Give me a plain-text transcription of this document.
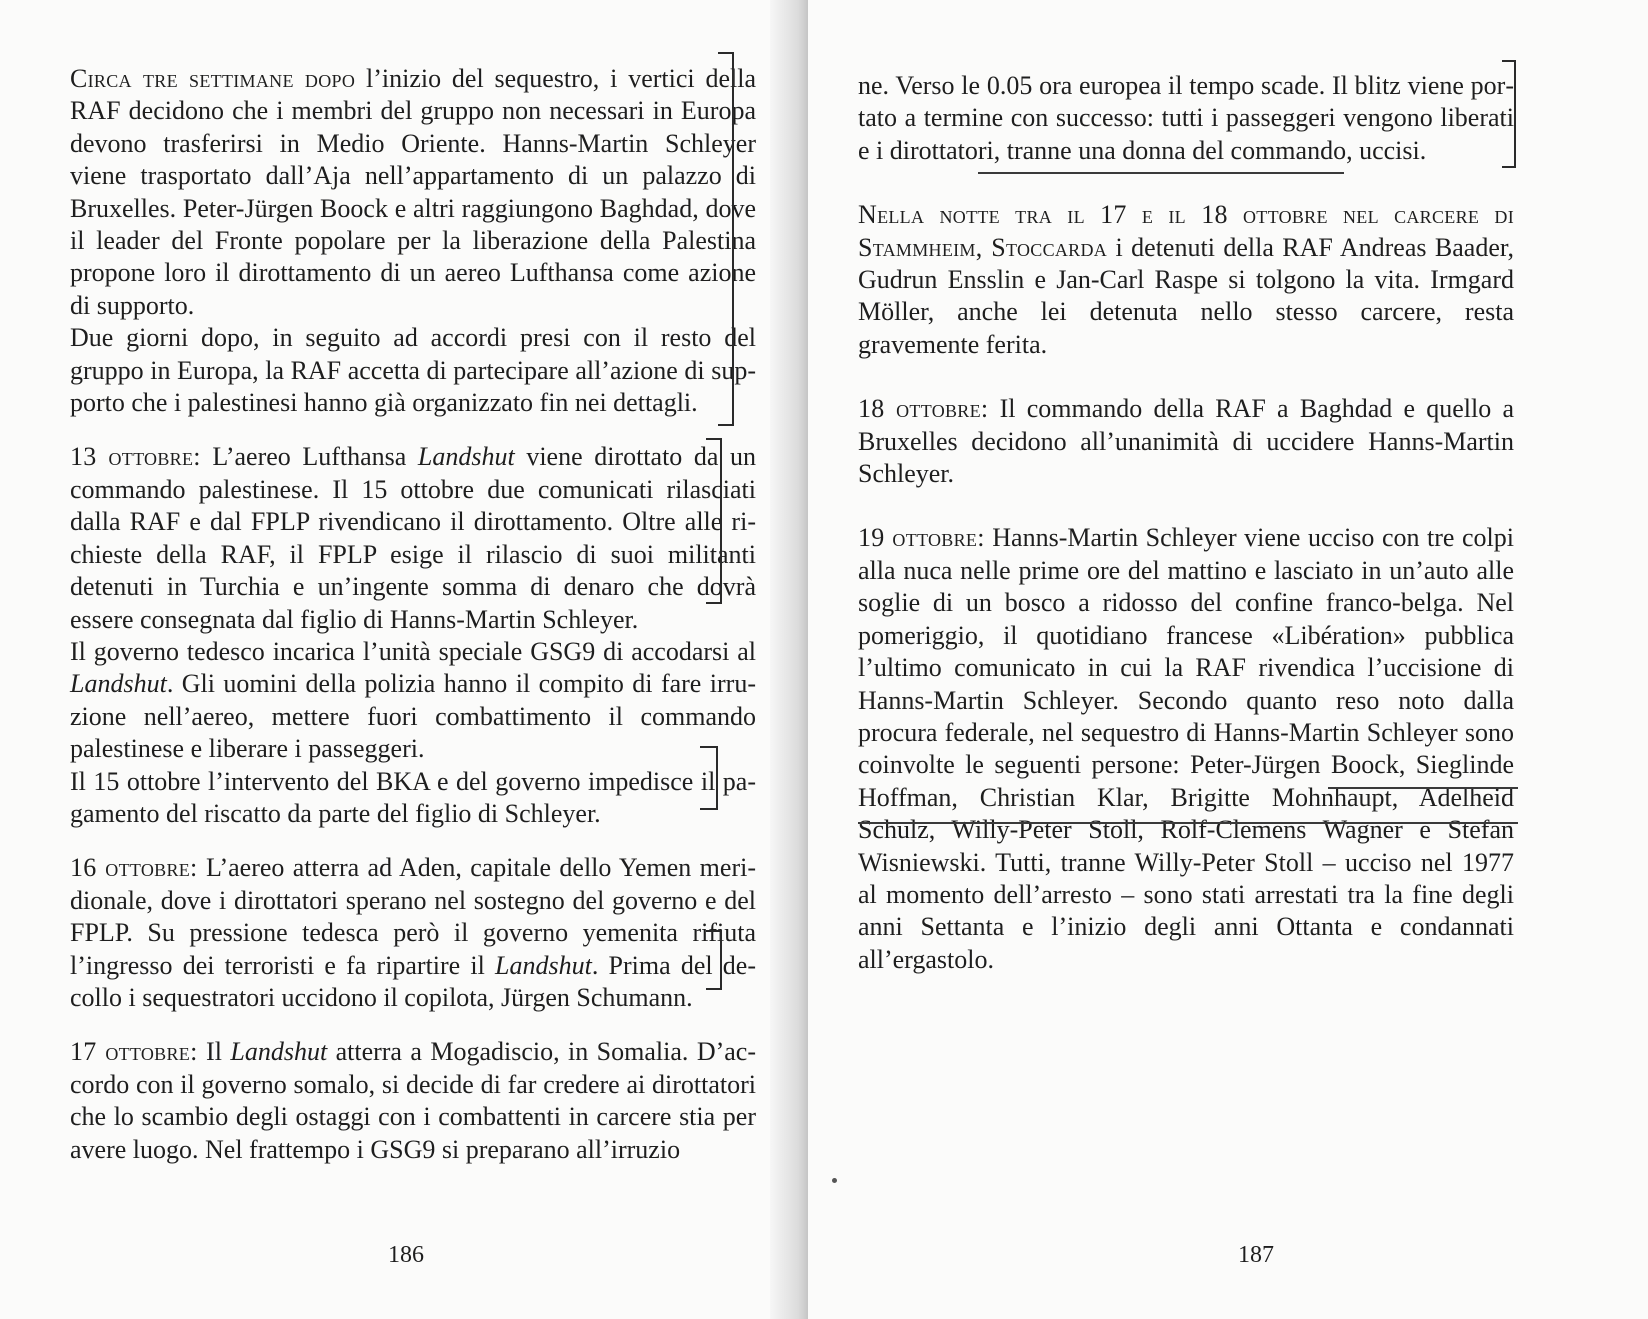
Circa tre settimane dopo l’inizio del sequestro, i vertici della RAF decidono che i membri del gruppo non necessari in Europa devono trasferirsi in Medio Oriente. Hanns-Martin Schleyer viene trasportato dall’Aja nell’appartamento di un palazzo di Bruxelles. Peter-Jürgen Boock e altri raggiungono Baghdad, dove il leader del Fronte popolare per la liberazione della Palestina propone loro il dirottamento di un aereo Lufthansa come azione di supporto.

Due giorni dopo, in seguito ad accordi presi con il resto del gruppo in Europa, la RAF accetta di partecipare all’azione di supporto che i palestinesi hanno già organizzato fin nei dettagli.

13 ottobre: L’aereo Lufthansa Landshut viene dirottato da un commando palestinese. Il 15 ottobre due comunicati rilasciati dalla RAF e dal FPLP rivendicano il dirottamento. Oltre alle richieste della RAF, il FPLP esige il rilascio di suoi militanti detenuti in Turchia e un’ingente somma di denaro che dovrà essere consegnata dal figlio di Hanns-Martin Schleyer.

Il governo tedesco incarica l’unità speciale GSG9 di accodarsi al Landshut. Gli uomini della polizia hanno il compito di fare irruzione nell’aereo, mettere fuori combattimento il commando palestinese e liberare i passeggeri.

Il 15 ottobre l’intervento del BKA e del governo impedisce il pagamento del riscatto da parte del figlio di Schleyer.

16 ottobre: L’aereo atterra ad Aden, capitale dello Yemen meridionale, dove i dirottatori sperano nel sostegno del governo e del FPLP. Su pressione tedesca però il governo yemenita rifiuta l’ingresso dei terroristi e fa ripartire il Landshut. Prima del decollo i sequestratori uccidono il copilota, Jürgen Schumann.

17 ottobre: Il Landshut atterra a Mogadiscio, in Somalia. D’accordo con il governo somalo, si decide di far credere ai dirottatori che lo scambio degli ostaggi con i combattenti in carcere stia per avere luogo. Nel frattempo i GSG9 si preparano all’irruzio

186

ne. Verso le 0.05 ora europea il tempo scade. Il blitz viene portato a termine con successo: tutti i passeggeri vengono liberati e i dirottatori, tranne una donna del commando, uccisi.

Nella notte tra il 17 e il 18 ottobre nel carcere di Stammheim, Stoccarda i detenuti della RAF Andreas Baader, Gudrun Ensslin e Jan-Carl Raspe si tolgono la vita. Irmgard Möller, anche lei detenuta nello stesso carcere, resta gravemente ferita.

18 ottobre: Il commando della RAF a Baghdad e quello a Bruxelles decidono all’unanimità di uccidere Hanns-Martin Schleyer.

19 ottobre: Hanns-Martin Schleyer viene ucciso con tre colpi alla nuca nelle prime ore del mattino e lasciato in un’auto alle soglie di un bosco a ridosso del confine franco-belga. Nel pomeriggio, il quotidiano francese «Libération» pubblica l’ultimo comunicato in cui la RAF rivendica l’uccisione di Hanns-Martin Schleyer. Secondo quanto reso noto dalla procura federale, nel sequestro di Hanns-Martin Schleyer sono coinvolte le seguenti persone: Peter-Jürgen Boock, Sieglinde Hoffman, Christian Klar, Brigitte Mohnhaupt, Adelheid Schulz, Willy-Peter Stoll, Rolf-Clemens Wagner e Stefan Wisniewski. Tutti, tranne Willy-Peter Stoll – ucciso nel 1977 al momento dell’arresto – sono stati arrestati tra la fine degli anni Settanta e l’inizio degli anni Ottanta e condannati all’ergastolo.

187
